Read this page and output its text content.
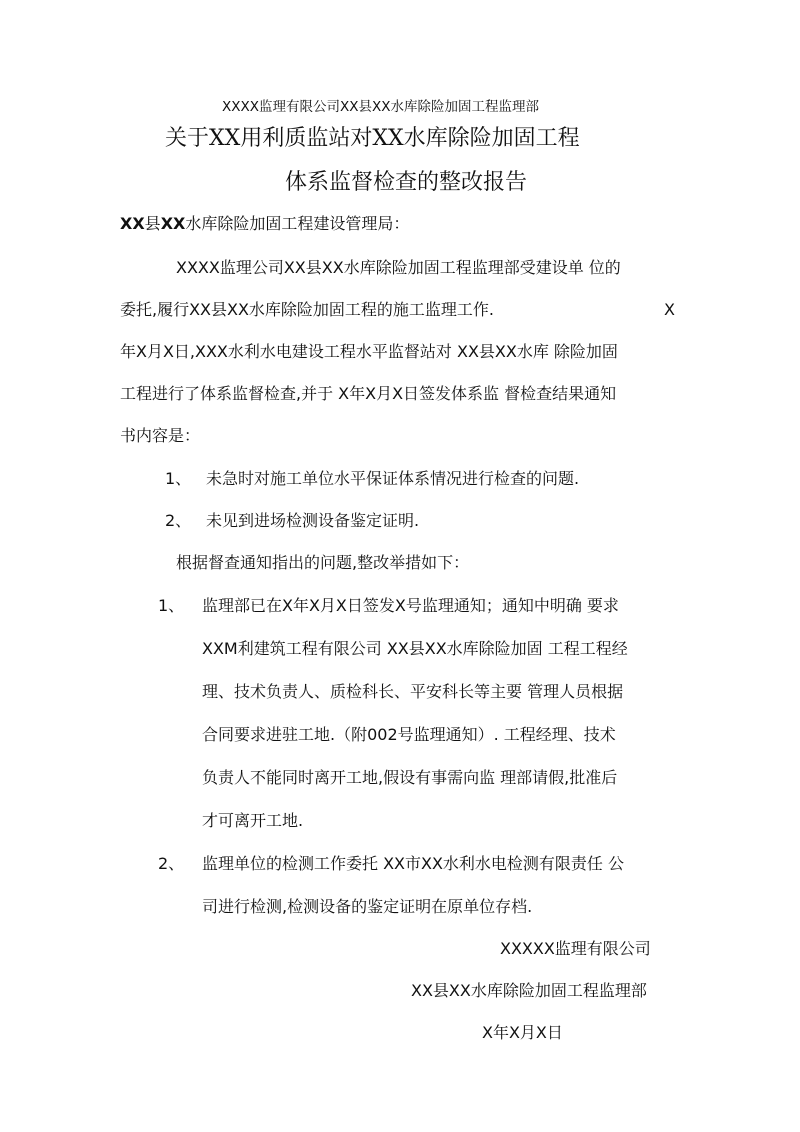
XXXX监理有限公司XX县XX水库除险加固工程监理部
关于XX用利质监站对XX水库除险加固工程
体系监督检查的整改报告
XX县XX水库除险加固工程建设管理局：
XXXX监理公司XX县XX水库除险加固工程监理部受建设单 位的
委托,履行XX县XX水库除险加固工程的施工监理工作.	X
年X月X日,XXX水利水电建设工程水平监督站对 XX县XX水库 除险加固
工程进行了体系监督检查,并于 X年X月X日签发体系监 督检查结果通知
书内容是：
1、 未急时对施工单位水平保证体系情况进行检查的问题.
2、 未见到进场检测设备鉴定证明.
根据督查通知指出的问题,整改举措如下：
1、 监理部已在X年X月X日签发X号监理通知；通知中明确 要求
XXM利建筑工程有限公司 XX县XX水库除险加固 工程工程经
理、技术负责人、质检科长、平安科长等主要 管理人员根据
合同要求进驻工地.（附002号监理通知）. 工程经理、技术
负责人不能同时离开工地,假设有事需向监 理部请假,批准后
才可离开工地.
2、 监理单位的检测工作委托 XX市XX水利水电检测有限责任 公
司进行检测,检测设备的鉴定证明在原单位存档.
XXXXX监理有限公司
XX县XX水库除险加固工程监理部
X年X月X日
